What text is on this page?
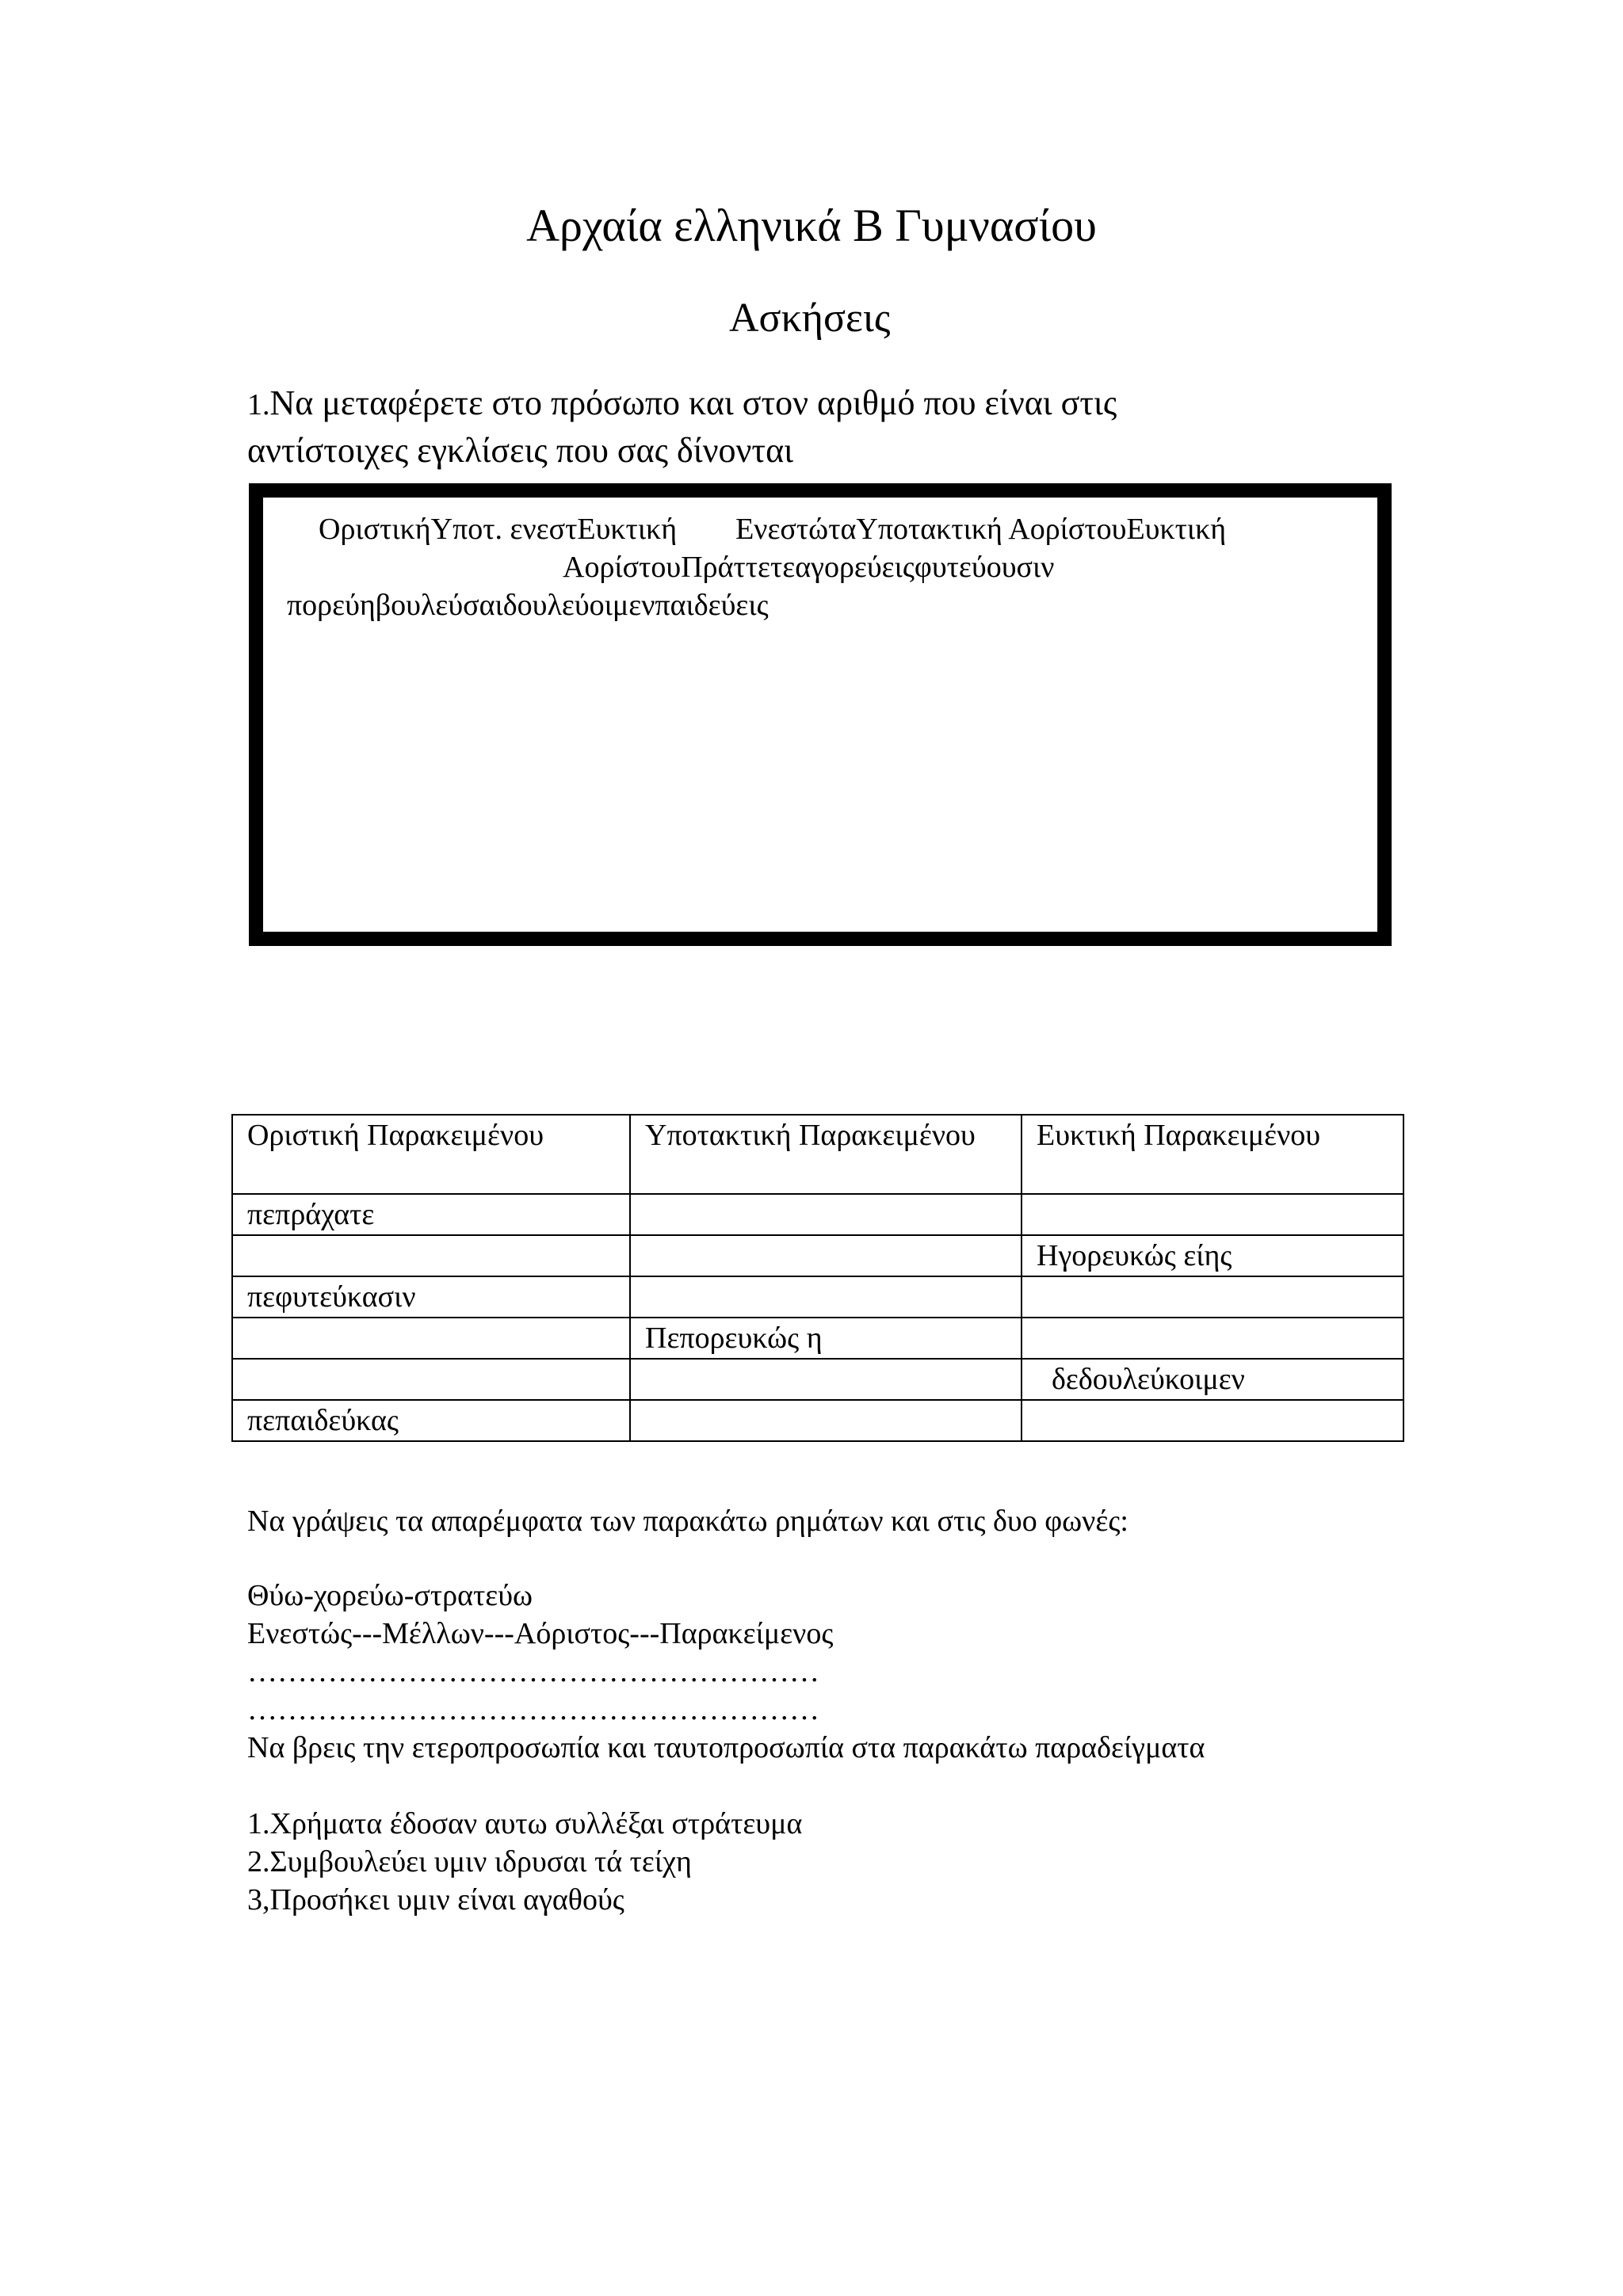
Αρχαία ελληνικά Β Γυμνασίου
Ασκήσεις
1.Να μεταφέρετε στο πρόσωπο και στον αριθμό που είναι στις
αντίστοιχες εγκλίσεις που σας δίνονται
ΟριστικήΥποτ. ενεστΕυκτική ΕνεστώταΥποτακτική ΑορίστουΕυκτική
ΑορίστουΠράττετεαγορεύειςφυτεύουσιν
πορεύηβουλεύσαιδουλεύοιμενπαιδεύεις
Οριστική Παρακειμένου	Υποτακτική Παρακειμένου	Ευκτική Παρακειμένου
πεπράχατε		
		Ηγορευκώς είης
πεφυτεύκασιν		
	Πεπορευκώς η	
		δεδουλεύκοιμεν
πεπαιδεύκας		
Να γράψεις τα απαρέμφατα των παρακάτω ρημάτων και στις δυο φωνές:
Θύω-χορεύω-στρατεύω
Ενεστώς---Μέλλων---Αόριστος---Παρακείμενος
…………………………………………………
…………………………………………………
Να βρεις την ετεροπροσωπία και ταυτοπροσωπία στα παρακάτω παραδείγματα
1.Χρήματα έδοσαν αυτω συλλέξαι στράτευμα
2.Συμβουλεύει υμιν ιδρυσαι τά τείχη
3,Προσήκει υμιν είναι αγαθούς
